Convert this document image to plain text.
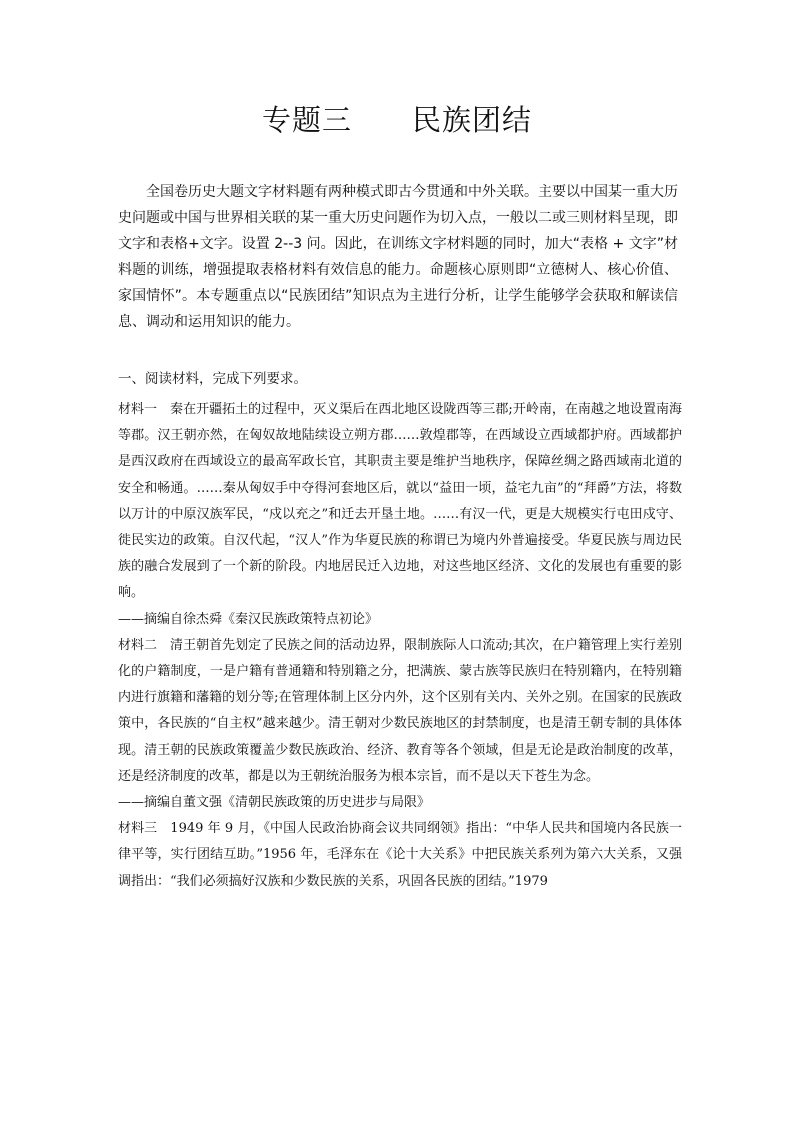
专题三　　民族团结

全国卷历史大题文字材料题有两种模式即古今贯通和中外关联。主要以中国某一重大历史问题或中国与世界相关联的某一重大历史问题作为切入点，一般以二或三则材料呈现，即文字和表格+文字。设置 2--3 问。因此，在训练文字材料题的同时，加大“表格 + 文字”材料题的训练，增强提取表格材料有效信息的能力。命题核心原则即“立德树人、核心价值、家国情怀”。本专题重点以“民族团结”知识点为主进行分析，让学生能够学会获取和解读信息、调动和运用知识的能力。

一、阅读材料，完成下列要求。

材料一　秦在开疆拓土的过程中，灭义渠后在西北地区设陇西等三郡;开岭南，在南越之地设置南海等郡。汉王朝亦然，在匈奴故地陆续设立朔方郡……敦煌郡等，在西域设立西域都护府。西域都护是西汉政府在西域设立的最高军政长官，其职责主要是维护当地秩序，保障丝绸之路西域南北道的安全和畅通。……秦从匈奴手中夺得河套地区后，就以“益田一顷，益宅九亩”的“拜爵”方法，将数以万计的中原汉族军民，“戍以充之”和迁去开垦土地。……有汉一代，更是大规模实行屯田戍守、徙民实边的政策。自汉代起，“汉人”作为华夏民族的称谓已为境内外普遍接受。华夏民族与周边民族的融合发展到了一个新的阶段。内地居民迁入边地，对这些地区经济、文化的发展也有重要的影响。

——摘编自徐杰舜《秦汉民族政策特点初论》

材料二　清王朝首先划定了民族之间的活动边界，限制族际人口流动;其次，在户籍管理上实行差别化的户籍制度，一是户籍有普通籍和特别籍之分，把满族、蒙古族等民族归在特别籍内，在特别籍内进行旗籍和藩籍的划分等;在管理体制上区分内外，这个区别有关内、关外之别。在国家的民族政策中，各民族的“自主权”越来越少。清王朝对少数民族地区的封禁制度，也是清王朝专制的具体体现。清王朝的民族政策覆盖少数民族政治、经济、教育等各个领域，但是无论是政治制度的改革，还是经济制度的改革，都是以为王朝统治服务为根本宗旨，而不是以天下苍生为念。

——摘编自董文强《清朝民族政策的历史进步与局限》

材料三　1949 年 9 月，《中国人民政治协商会议共同纲领》指出：“中华人民共和国境内各民族一律平等，实行团结互助。”1956 年，毛泽东在《论十大关系》中把民族关系列为第六大关系，又强调指出：“我们必须搞好汉族和少数民族的关系，巩固各民族的团结。”1979
